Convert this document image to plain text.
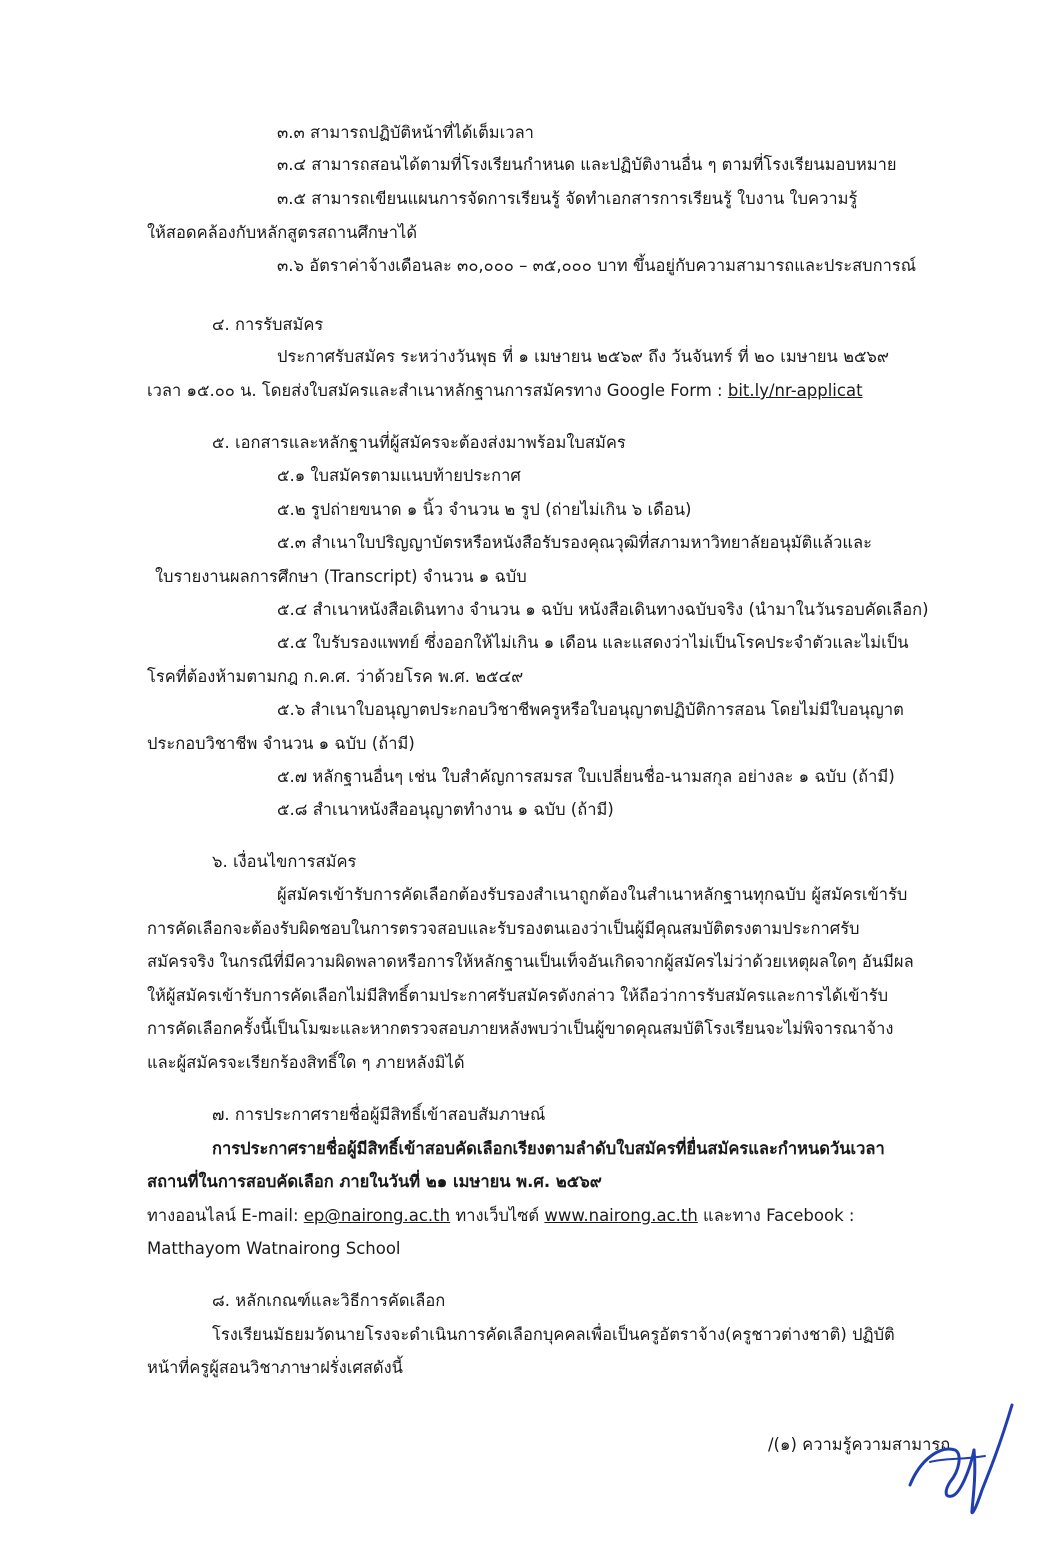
๓.๓ สามารถปฏิบัติหน้าที่ได้เต็มเวลา
๓.๔ สามารถสอนได้ตามที่โรงเรียนกำหนด และปฏิบัติงานอื่น ๆ ตามที่โรงเรียนมอบหมาย
๓.๕ สามารถเขียนแผนการจัดการเรียนรู้ จัดทำเอกสารการเรียนรู้ ใบงาน ใบความรู้
ให้สอดคล้องกับหลักสูตรสถานศึกษาได้
๓.๖ อัตราค่าจ้างเดือนละ ๓๐,๐๐๐ – ๓๕,๐๐๐ บาท ขึ้นอยู่กับความสามารถและประสบการณ์
๔. การรับสมัคร
ประกาศรับสมัคร ระหว่างวันพุธ ที่ ๑ เมษายน ๒๕๖๙ ถึง วันจันทร์ ที่ ๒๐ เมษายน ๒๕๖๙
เวลา ๑๕.๐๐ น. โดยส่งใบสมัครและสำเนาหลักฐานการสมัครทาง Google Form : bit.ly/nr-applicat
๕. เอกสารและหลักฐานที่ผู้สมัครจะต้องส่งมาพร้อมใบสมัคร
๕.๑ ใบสมัครตามแนบท้ายประกาศ
๕.๒ รูปถ่ายขนาด ๑ นิ้ว จำนวน ๒ รูป (ถ่ายไม่เกิน ๖ เดือน)
๕.๓ สำเนาใบปริญญาบัตรหรือหนังสือรับรองคุณวุฒิที่สภามหาวิทยาลัยอนุมัติแล้วและ
ใบรายงานผลการศึกษา (Transcript) จำนวน ๑ ฉบับ
๕.๔ สำเนาหนังสือเดินทาง จำนวน ๑ ฉบับ หนังสือเดินทางฉบับจริง (นำมาในวันรอบคัดเลือก)
๕.๕ ใบรับรองแพทย์ ซึ่งออกให้ไม่เกิน ๑ เดือน และแสดงว่าไม่เป็นโรคประจำตัวและไม่เป็น
โรคที่ต้องห้ามตามกฎ ก.ค.ศ. ว่าด้วยโรค พ.ศ. ๒๕๔๙
๕.๖ สำเนาใบอนุญาตประกอบวิชาชีพครูหรือใบอนุญาตปฏิบัติการสอน โดยไม่มีใบอนุญาต
ประกอบวิชาชีพ จำนวน ๑ ฉบับ (ถ้ามี)
๕.๗ หลักฐานอื่นๆ เช่น ใบสำคัญการสมรส ใบเปลี่ยนชื่อ-นามสกุล อย่างละ ๑ ฉบับ (ถ้ามี)
๕.๘ สำเนาหนังสืออนุญาตทำงาน ๑ ฉบับ (ถ้ามี)
๖. เงื่อนไขการสมัคร
ผู้สมัครเข้ารับการคัดเลือกต้องรับรองสำเนาถูกต้องในสำเนาหลักฐานทุกฉบับ ผู้สมัครเข้ารับ
การคัดเลือกจะต้องรับผิดชอบในการตรวจสอบและรับรองตนเองว่าเป็นผู้มีคุณสมบัติตรงตามประกาศรับ
สมัครจริง ในกรณีที่มีความผิดพลาดหรือการให้หลักฐานเป็นเท็จอันเกิดจากผู้สมัครไม่ว่าด้วยเหตุผลใดๆ อันมีผล
ให้ผู้สมัครเข้ารับการคัดเลือกไม่มีสิทธิ์ตามประกาศรับสมัครดังกล่าว ให้ถือว่าการรับสมัครและการได้เข้ารับ
การคัดเลือกครั้งนี้เป็นโมฆะและหากตรวจสอบภายหลังพบว่าเป็นผู้ขาดคุณสมบัติโรงเรียนจะไม่พิจารณาจ้าง
และผู้สมัครจะเรียกร้องสิทธิ์ใด ๆ ภายหลังมิได้
๗. การประกาศรายชื่อผู้มีสิทธิ์เข้าสอบสัมภาษณ์
การประกาศรายชื่อผู้มีสิทธิ์เข้าสอบคัดเลือกเรียงตามลำดับใบสมัครที่ยื่นสมัครและกำหนดวันเวลา
สถานที่ในการสอบคัดเลือก ภายในวันที่ ๒๑ เมษายน พ.ศ. ๒๕๖๙
ทางออนไลน์ E-mail: ep@nairong.ac.th ทางเว็บไซต์ www.nairong.ac.th และทาง Facebook :
Matthayom Watnairong School
๘. หลักเกณฑ์และวิธีการคัดเลือก
โรงเรียนมัธยมวัดนายโรงจะดำเนินการคัดเลือกบุคคลเพื่อเป็นครูอัตราจ้าง(ครูชาวต่างชาติ) ปฏิบัติ
หน้าที่ครูผู้สอนวิชาภาษาฝรั่งเศสดังนี้
/(๑) ความรู้ความสามารถ
